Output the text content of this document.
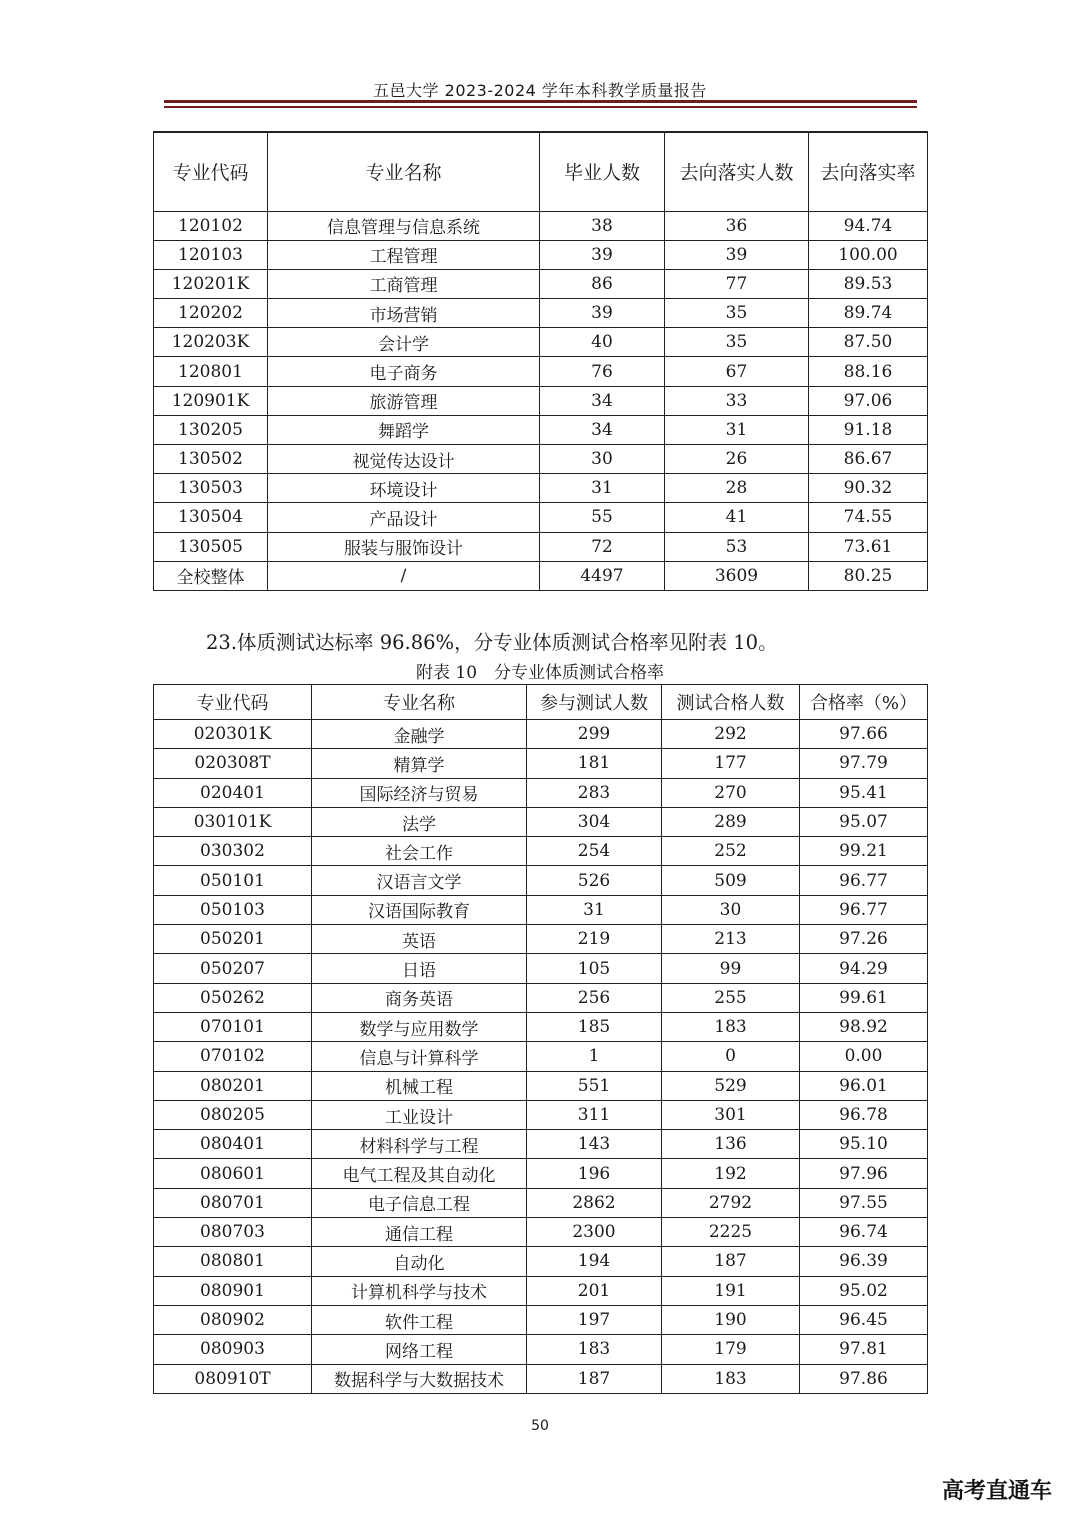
五邑大学 2023-2024 学年本科教学质量报告
专业代码	专业名称	毕业人数	去向落实人数	去向落实率
120102	信息管理与信息系统	38	36	94.74
120103	工程管理	39	39	100.00
120201K	工商管理	86	77	89.53
120202	市场营销	39	35	89.74
120203K	会计学	40	35	87.50
120801	电子商务	76	67	88.16
120901K	旅游管理	34	33	97.06
130205	舞蹈学	34	31	91.18
130502	视觉传达设计	30	26	86.67
130503	环境设计	31	28	90.32
130504	产品设计	55	41	74.55
130505	服装与服饰设计	72	53	73.61
全校整体	/	4497	3609	80.25
23.体质测试达标率 96.86%，分专业体质测试合格率见附表 10。
附表 10　分专业体质测试合格率
专业代码	专业名称	参与测试人数	测试合格人数	合格率（%）
020301K	金融学	299	292	97.66
020308T	精算学	181	177	97.79
020401	国际经济与贸易	283	270	95.41
030101K	法学	304	289	95.07
030302	社会工作	254	252	99.21
050101	汉语言文学	526	509	96.77
050103	汉语国际教育	31	30	96.77
050201	英语	219	213	97.26
050207	日语	105	99	94.29
050262	商务英语	256	255	99.61
070101	数学与应用数学	185	183	98.92
070102	信息与计算科学	1	0	0.00
080201	机械工程	551	529	96.01
080205	工业设计	311	301	96.78
080401	材料科学与工程	143	136	95.10
080601	电气工程及其自动化	196	192	97.96
080701	电子信息工程	2862	2792	97.55
080703	通信工程	2300	2225	96.74
080801	自动化	194	187	96.39
080901	计算机科学与技术	201	191	95.02
080902	软件工程	197	190	96.45
080903	网络工程	183	179	97.81
080910T	数据科学与大数据技术	187	183	97.86
50
高考直通车
